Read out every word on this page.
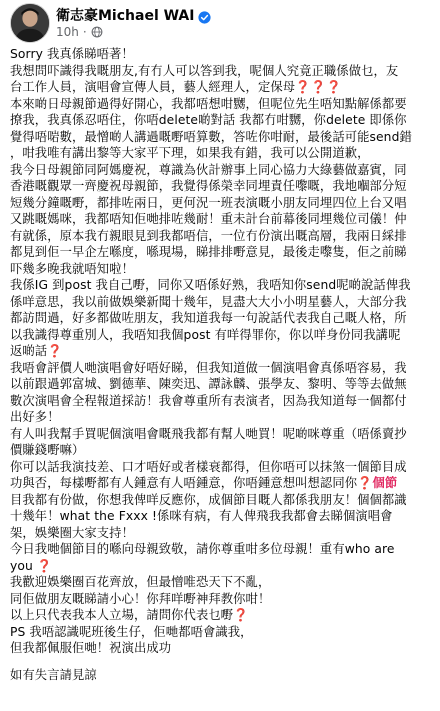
衛志豪Michael WAI
10h ·
Sorry 我真係睇唔著！
我想問吓識得我嘅朋友,有冇人可以答到我，呢個人究竟正職係做乜，友
台工作人員，演唱會宣傳人員，藝人經理人，定保母❓❓❓
本來啲日母親節過得好開心，我都唔想咁嬲，但呢位先生唔知點解係都要
撩我，我真係忍唔住，你唔delete啲對話 我都冇咁嬲，你delete 即係你
覺得唔啱數，最憎啲人講過嘅嘢唔算數，答咗你咁耐，最後話可能send錯
，咁我唯有講出黎等大家平下理，如果我有錯，我可以公開道歉，
我今日母親節同阿媽慶祝，尊識為伙計辦事上同心協力大綠藝做嘉賓，同
香港嘅觀眾一齊慶祝母親節，我覺得係榮幸同埋責任嚟嘅，我地嗰部分短
短幾分鐘嘅嘢，都排咗兩日，更何況一班表演嘅小朋友同埋四位上台又唱
又跳嘅媽咪，我都唔知佢哋排咗幾耐！重未計台前幕後同埋幾位司儀！仲
有就係，原本我冇親眼見到我都唔信，一位冇份演出嘅高層，我兩日綵排
都見到佢一早企左喺度，喺現場，睇排排嘢意見，最後走嚟隻，佢之前睇
吓幾多晚我就唔知啦！
我係IG 到post 我自己嘢，同你又唔係好熟，我唔知你send呢啲說話俾我
係咩意思，我以前做娛樂新聞十幾年，見盡大大小小明星藝人，大部分我
都訪問過，好多都做咗朋友，我知道我每一句說話代表我自己嘅人格，所
以我識得尊重別人，我唔知我個post 有咩得罪你，你以咩身份同我講呢
返啲話❓
我唔會評價人哋演唱會好唔好睇，但我知道做一個演唱會真係唔容易，我
以前跟過郭富城、劉德華、陳奕迅、譚詠麟、張學友、黎明、等等去做無
數次演唱會全程報道採訪！我會尊重所有表演者，因為我知道每一個都付
出好多！
有人叫我幫手買呢個演唱會嘅飛我都有幫人哋買！呢啲咪尊重（唔係賣抄
價賺錢嘢嘛）
你可以話我演技差、口才唔好或者樣衰都得，但你唔可以抹煞一個節目成
功與否，每樣嘢都有人鍾意有人唔鍾意，你唔鍾意想叫想認同你❓個節
目我都有份做，你想我俾咩反應你，成個節目嘅人都係我朋友！個個都識
十幾年！what the Fxxx !係咪有病，有人俾飛我我都會去睇個演唱會
架，娛樂圈大家支持！
今日我哋個節目的喺向母親致敬，請你尊重咁多位母親！重有who are
you ❓
我歡迎娛樂圈百花齊放，但最憎唯恐天下不亂，
同佢做朋友嘅睇請小心！你拜咩嘢神拜教你咁！
以上只代表我本人立場，請問你代表乜嘢❓
PS 我唔認識呢班後生仔，佢哋都唔會識我，
但我都佩服佢哋！祝演出成功
如有失言請見諒
